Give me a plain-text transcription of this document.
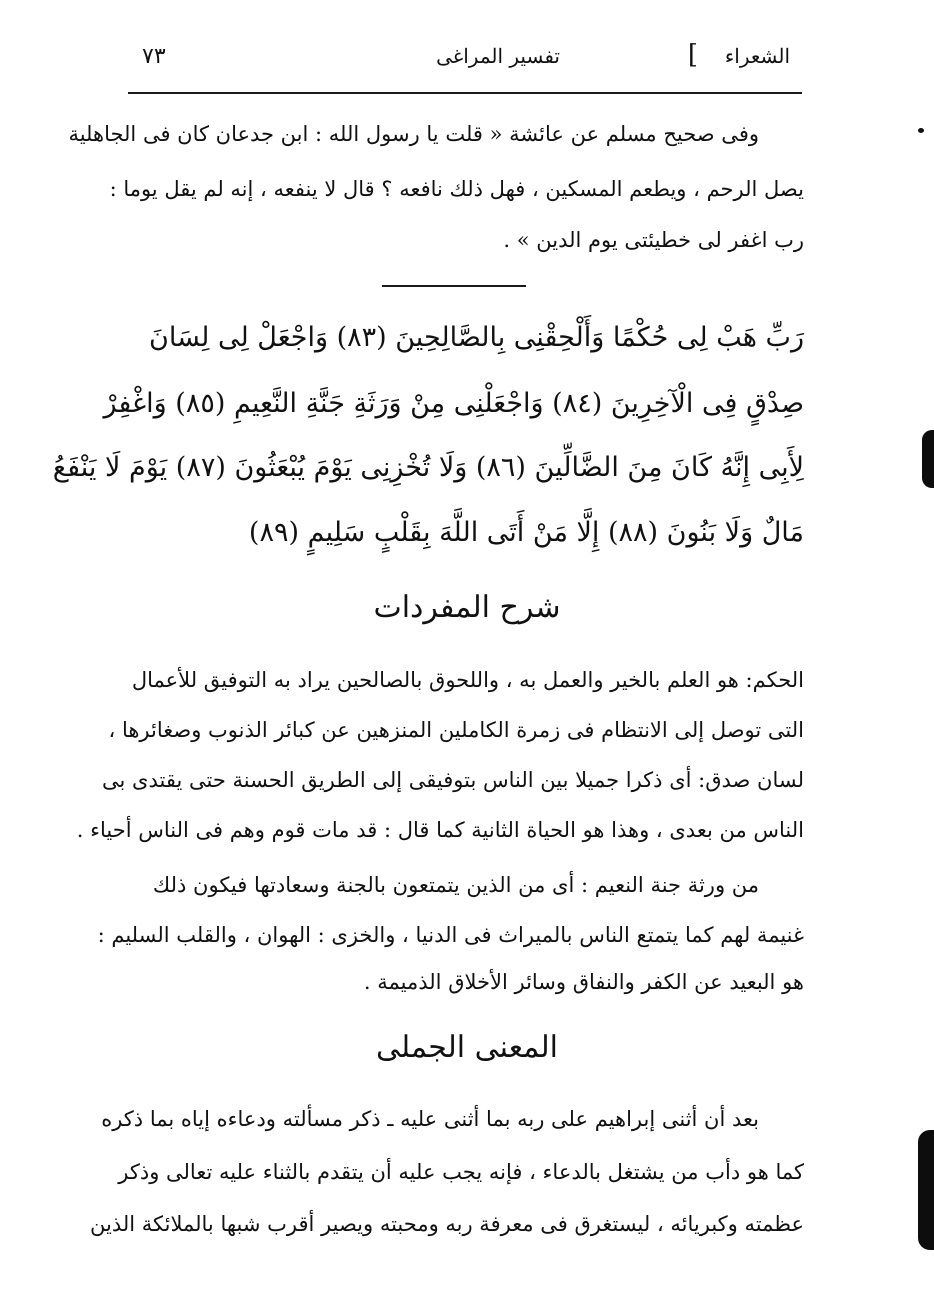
الشعراء
]
تفسير المراغى
٧٣
وفى صحيح مسلم عن عائشة « قلت يا رسول الله : ابن جدعان كان فى الجاهلية
يصل الرحم ، ويطعم المسكين ، فهل ذلك نافعه ؟ قال لا ينفعه ، إنه لم يقل يوما :
رب اغفر لى خطيئتى يوم الدين » .
رَبِّ هَبْ لِى حُكْمًا وَأَلْحِقْنِى بِالصَّالِحِينَ (٨٣) وَاجْعَلْ لِى لِسَانَ
صِدْقٍ فِى الْآخِرِينَ (٨٤) وَاجْعَلْنِى مِنْ وَرَثَةِ جَنَّةِ النَّعِيمِ (٨٥) وَاغْفِرْ
لِأَبِى إِنَّهُ كَانَ مِنَ الضَّالِّينَ (٨٦) وَلَا تُخْزِنِى يَوْمَ يُبْعَثُونَ (٨٧) يَوْمَ لَا يَنْفَعُ
مَالٌ وَلَا بَنُونَ (٨٨) إِلَّا مَنْ أَتَى اللَّهَ بِقَلْبٍ سَلِيمٍ (٨٩)
شرح المفردات
الحكم: هو العلم بالخير والعمل به ، واللحوق بالصالحين يراد به التوفيق للأعمال
التى توصل إلى الانتظام فى زمرة الكاملين المنزهين عن كبائر الذنوب وصغائرها ،
لسان صدق: أى ذكرا جميلا بين الناس بتوفيقى إلى الطريق الحسنة حتى يقتدى بى
الناس من بعدى ، وهذا هو الحياة الثانية كما قال : قد مات قوم وهم فى الناس أحياء .
من ورثة جنة النعيم : أى من الذين يتمتعون بالجنة وسعادتها فيكون ذلك
غنيمة لهم كما يتمتع الناس بالميراث فى الدنيا ، والخزى : الهوان ، والقلب السليم :
هو البعيد عن الكفر والنفاق وسائر الأخلاق الذميمة .
المعنى الجملى
بعد أن أثنى إبراهيم على ربه بما أثنى عليه ـ ذكر مسألته ودعاءه إياه بما ذكره
كما هو دأب من يشتغل بالدعاء ، فإنه يجب عليه أن يتقدم بالثناء عليه تعالى وذكر
عظمته وكبريائه ، ليستغرق فى معرفة ربه ومحبته ويصير أقرب شبها بالملائكة الذين
